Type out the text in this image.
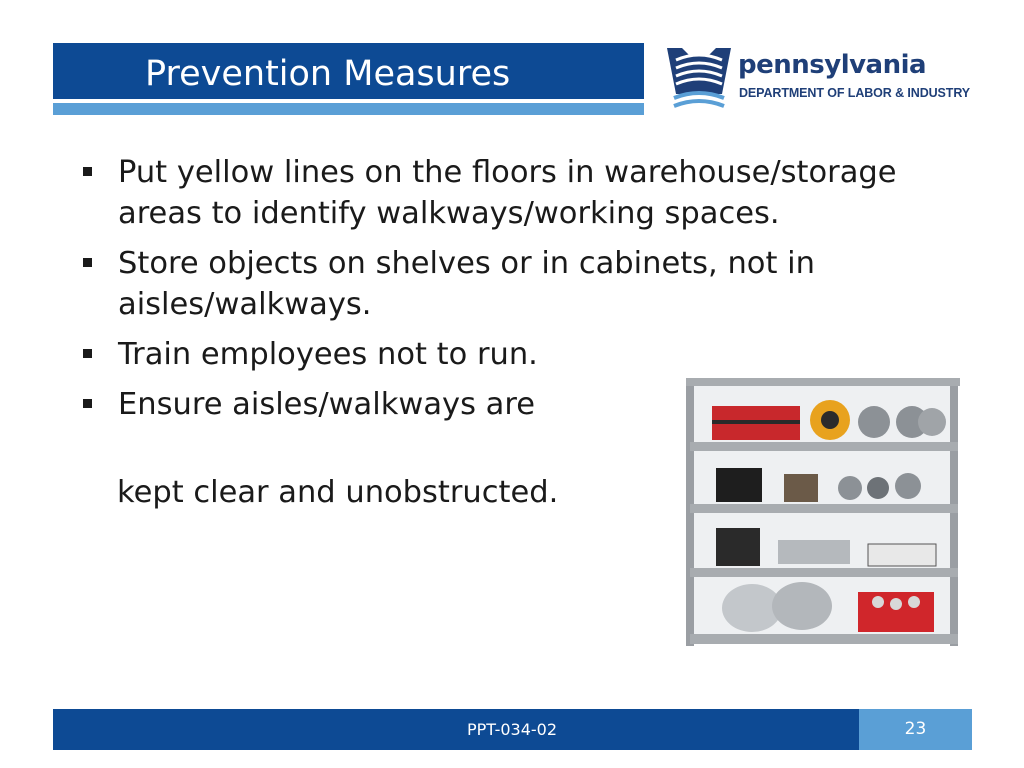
Prevention Measures	pennsylvania
DEPARTMENT OF LABOR & INDUSTRY
Put yellow lines on the floors in warehouse/storage areas to identify walkways/working spaces.
Store objects on shelves or in cabinets, not in aisles/walkways.
Train employees not to run.
Ensure aisles/walkways are
kept clear and unobstructed.
PPT-034-02	23
